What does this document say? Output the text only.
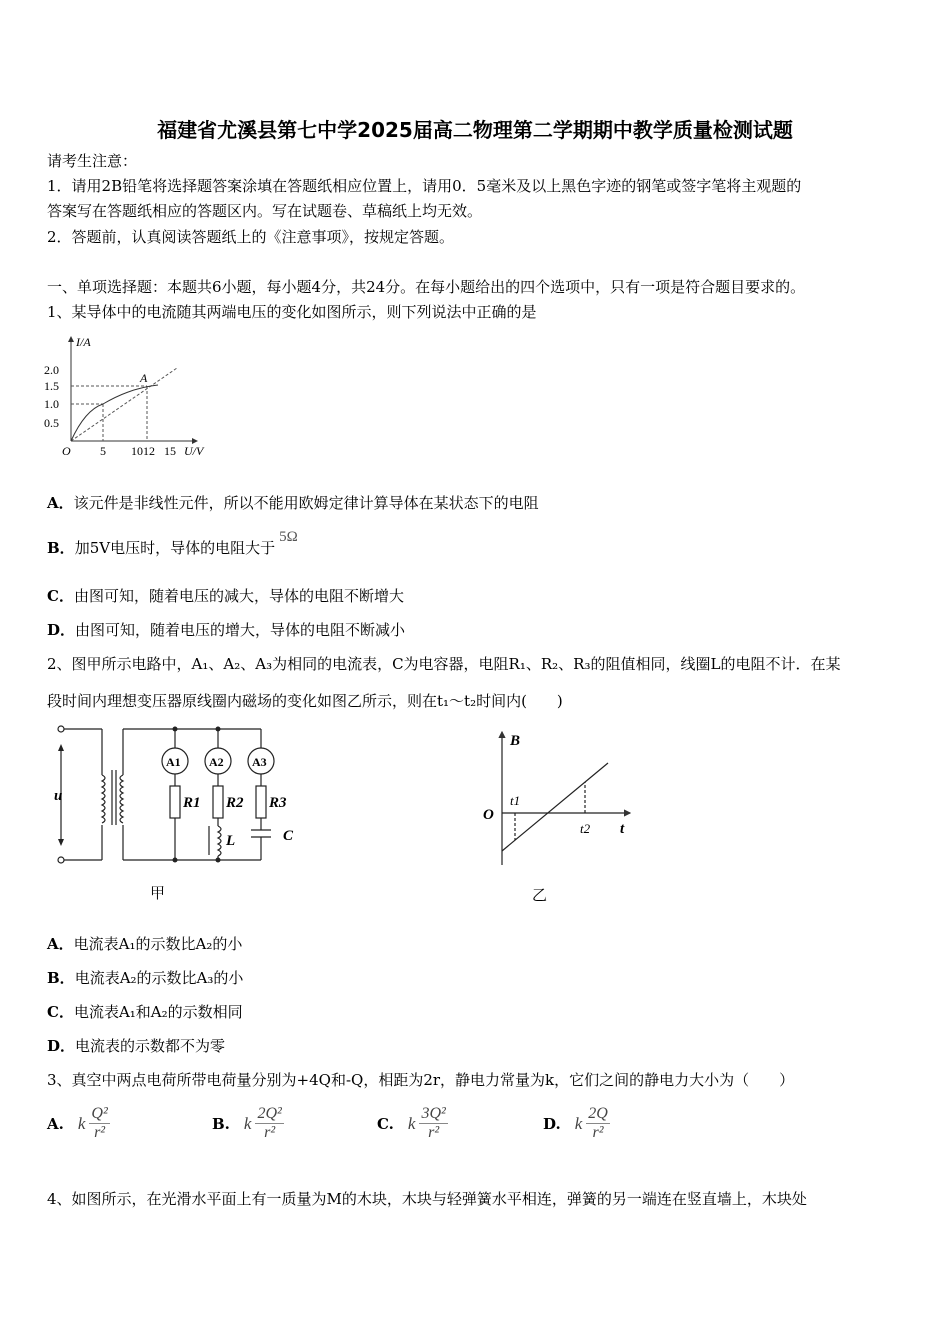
福建省尤溪县第七中学2025届高二物理第二学期期中教学质量检测试题
请考生注意：
1．请用2B铅笔将选择题答案涂填在答题纸相应位置上，请用0．5毫米及以上黑色字迹的钢笔或签字笔将主观题的
答案写在答题纸相应的答题区内。写在试题卷、草稿纸上均无效。
2．答题前，认真阅读答题纸上的《注意事项》，按规定答题。
一、单项选择题：本题共6小题，每小题4分，共24分。在每小题给出的四个选项中，只有一项是符合题目要求的。
1、某导体中的电流随其两端电压的变化如图所示，则下列说法中正确的是
2.0
1.5
1.0
0.5
I/A
O 5 1012 15 U/V
A
A．该元件是非线性元件，所以不能用欧姆定律计算导体在某状态下的电阻
B．加5V电压时，导体的电阻大于5Ω
C．由图可知，随着电压的减大，导体的电阻不断增大
D．由图可知，随着电压的增大，导体的电阻不断减小
2、图甲所示电路中，A₁、A₂、A₃为相同的电流表，C为电容器，电阻R₁、R₂、R₃的阻值相同，线圈L的电阻不计．在某
段时间内理想变压器原线圈内磁场的变化如图乙所示，则在t₁～t₂时间内(　　)
u
A1 A2 A3
R1 R2 R3
L	C
甲
B
O
t1
t2 t
乙
A．电流表A₁的示数比A₂的小
B．电流表A₂的示数比A₃的小
C．电流表A₁和A₂的示数相同
D．电流表的示数都不为零
3、真空中两点电荷所带电荷量分别为+4Q和-Q，相距为2r，静电力常量为k，它们之间的静电力大小为（　　）
A. k $\frac{\text{Q²}}{\text{r²}}$	B. k $\frac{\text{2Q²}}{\text{r²}}$	C. k $\frac{\text{3Q²}}{\text{r²}}$	D. k $\frac{2Q}{\text{r²}}$
4、如图所示，在光滑水平面上有一质量为M的木块，木块与轻弹簧水平相连，弹簧的另一端连在竖直墙上，木块处
